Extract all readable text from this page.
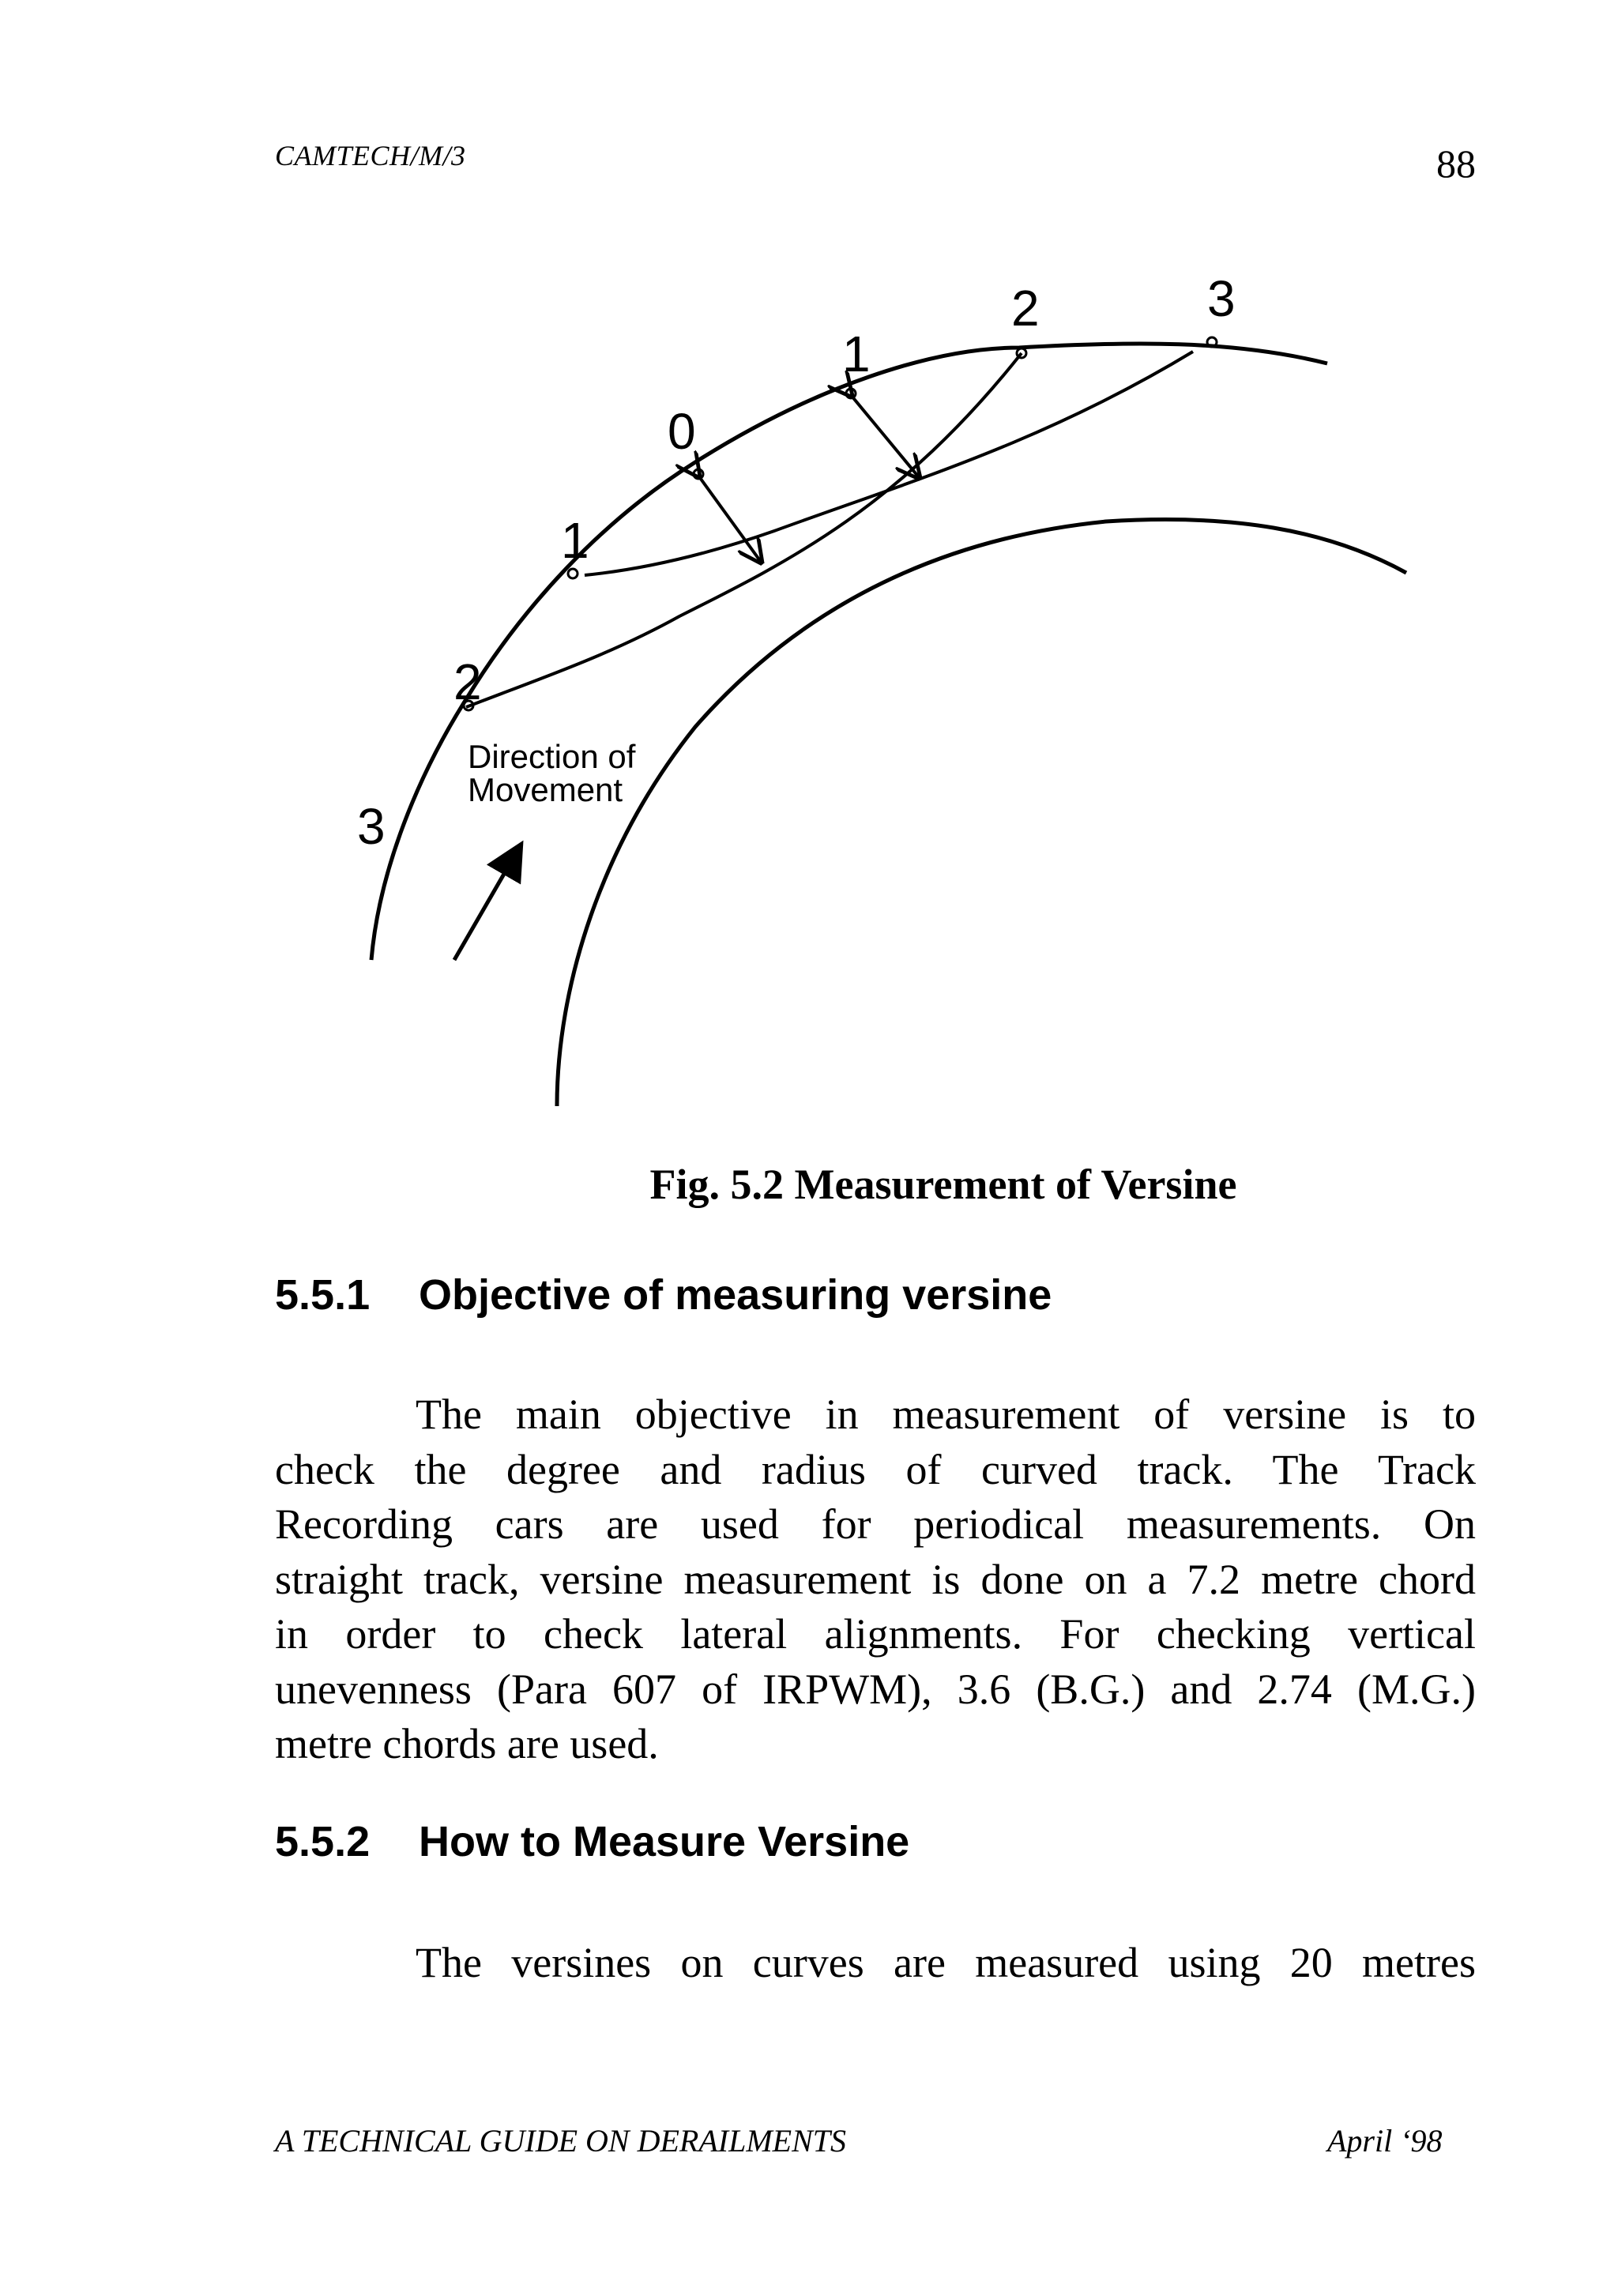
CAMTECH/M/3	88
3
2
1
0
1
2	3
Direction of
Movement
Fig. 5.2 Measurement of Versine
5.5.1 Objective of measuring versine
The main objective in measurement of versine is to
check the degree and radius of curved track. The Track
Recording cars are used for periodical measurements. On
straight track, versine measurement is done on a 7.2 metre chord
in order to check lateral alignments. For checking vertical
unevenness (Para 607 of IRPWM), 3.6 (B.G.) and 2.74 (M.G.)
metre chords are used.
5.5.2 How to Measure Versine
The versines on curves are measured using 20 metres
A TECHNICAL GUIDE ON DERAILMENTS	April ‘98
